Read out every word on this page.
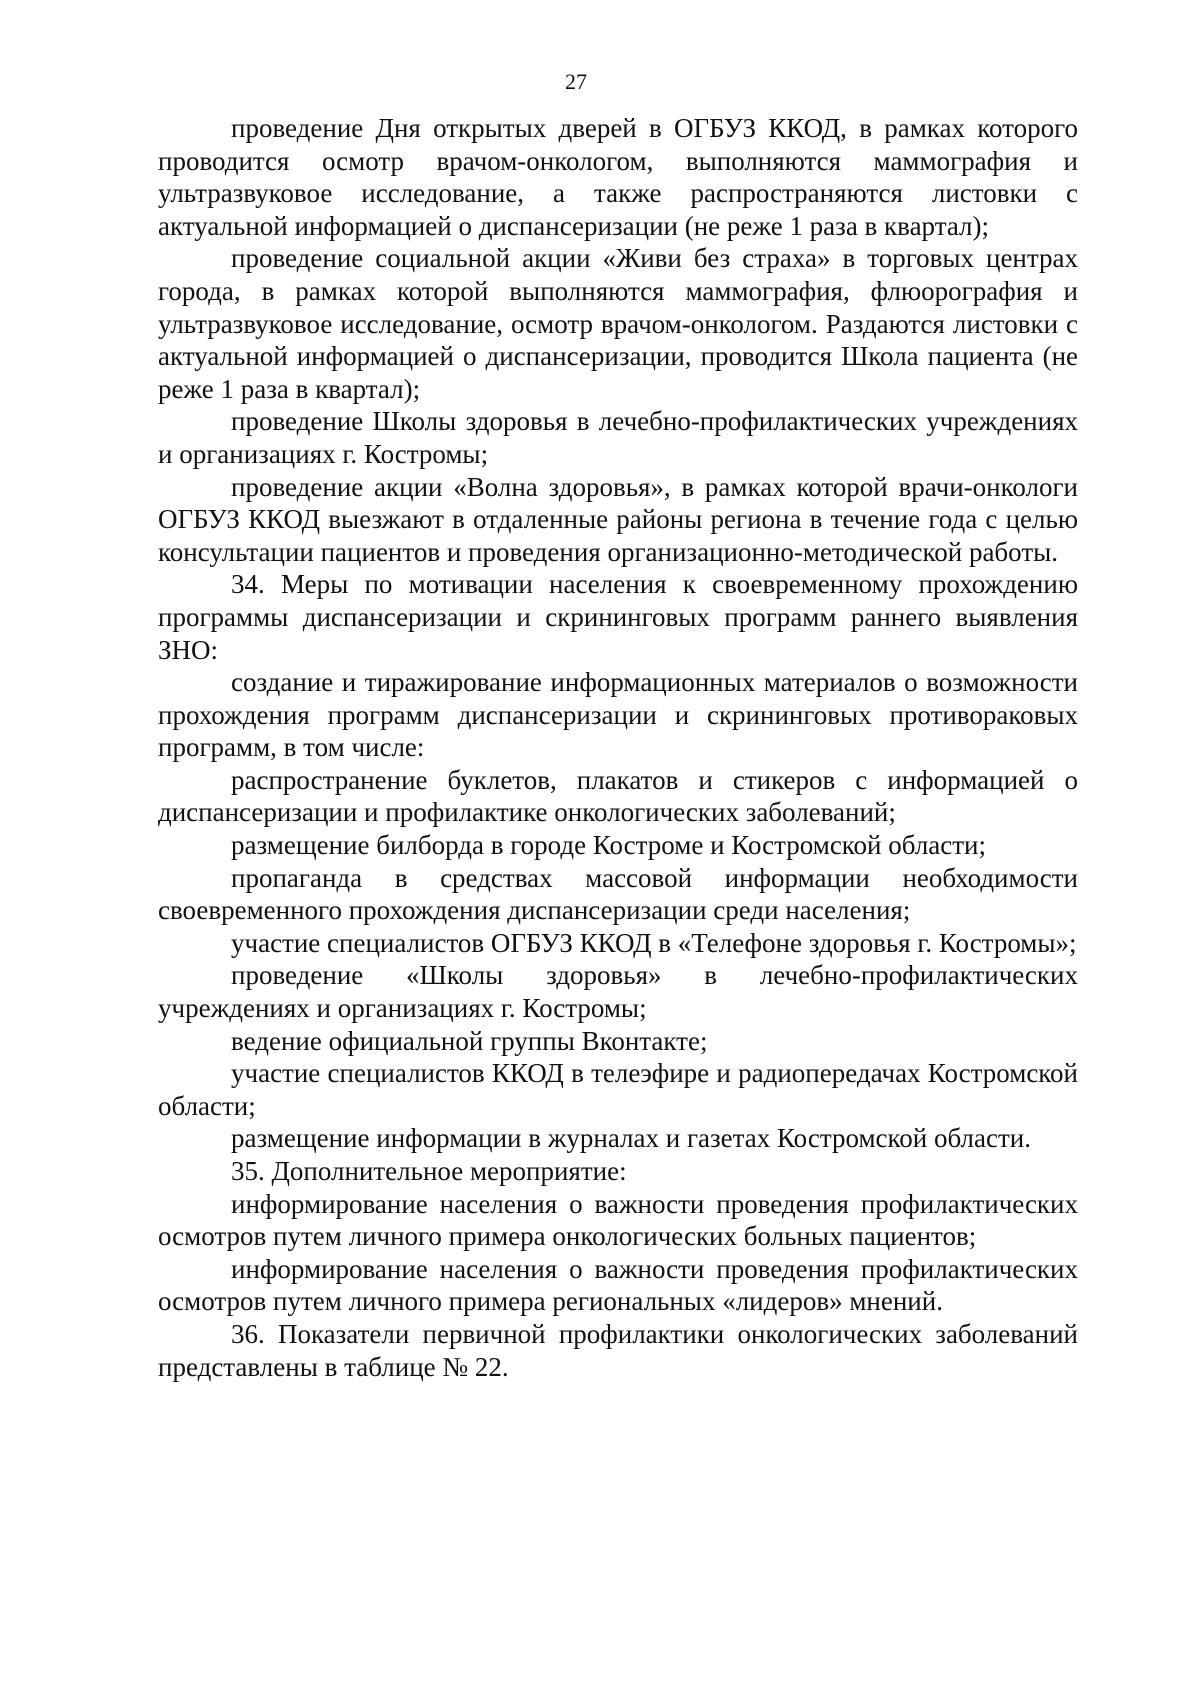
27

проведение Дня открытых дверей в ОГБУЗ ККОД, в рамках которого проводится осмотр врачом-онкологом, выполняются маммография и ультразвуковое исследование, а также распространяются листовки с актуальной информацией о диспансеризации (не реже 1 раза в квартал);

проведение социальной акции «Живи без страха» в торговых центрах города, в рамках которой выполняются маммография, флюорография и ультразвуковое исследование, осмотр врачом-онкологом. Раздаются листовки с актуальной информацией о диспансеризации, проводится Школа пациента (не реже 1 раза в квартал);

проведение Школы здоровья в лечебно-профилактических учреждениях и организациях г. Костромы;

проведение акции «Волна здоровья», в рамках которой врачи-онкологи ОГБУЗ ККОД выезжают в отдаленные районы региона в течение года с целью консультации пациентов и проведения организационно-методической работы.

34. Меры по мотивации населения к своевременному прохождению программы диспансеризации и скрининговых программ раннего выявления ЗНО:

создание и тиражирование информационных материалов о возможности прохождения программ диспансеризации и скрининговых противораковых программ, в том числе:

распространение буклетов, плакатов и стикеров с информацией о диспансеризации и профилактике онкологических заболеваний;

размещение билборда в городе Костроме и Костромской области;

пропаганда в средствах массовой информации необходимости своевременного прохождения диспансеризации среди населения;

участие специалистов ОГБУЗ ККОД в «Телефоне здоровья г. Костромы»;

проведение «Школы здоровья» в лечебно-профилактических учреждениях и организациях г. Костромы;

ведение официальной группы Вконтакте;

участие специалистов ККОД в телеэфире и радиопередачах Костромской области;

размещение информации в журналах и газетах Костромской области.

35. Дополнительное мероприятие:

информирование населения о важности проведения профилактических осмотров путем личного примера онкологических больных пациентов;

информирование населения о важности проведения профилактических осмотров путем личного примера региональных «лидеров» мнений.

36. Показатели первичной профилактики онкологических заболеваний представлены в таблице № 22.
